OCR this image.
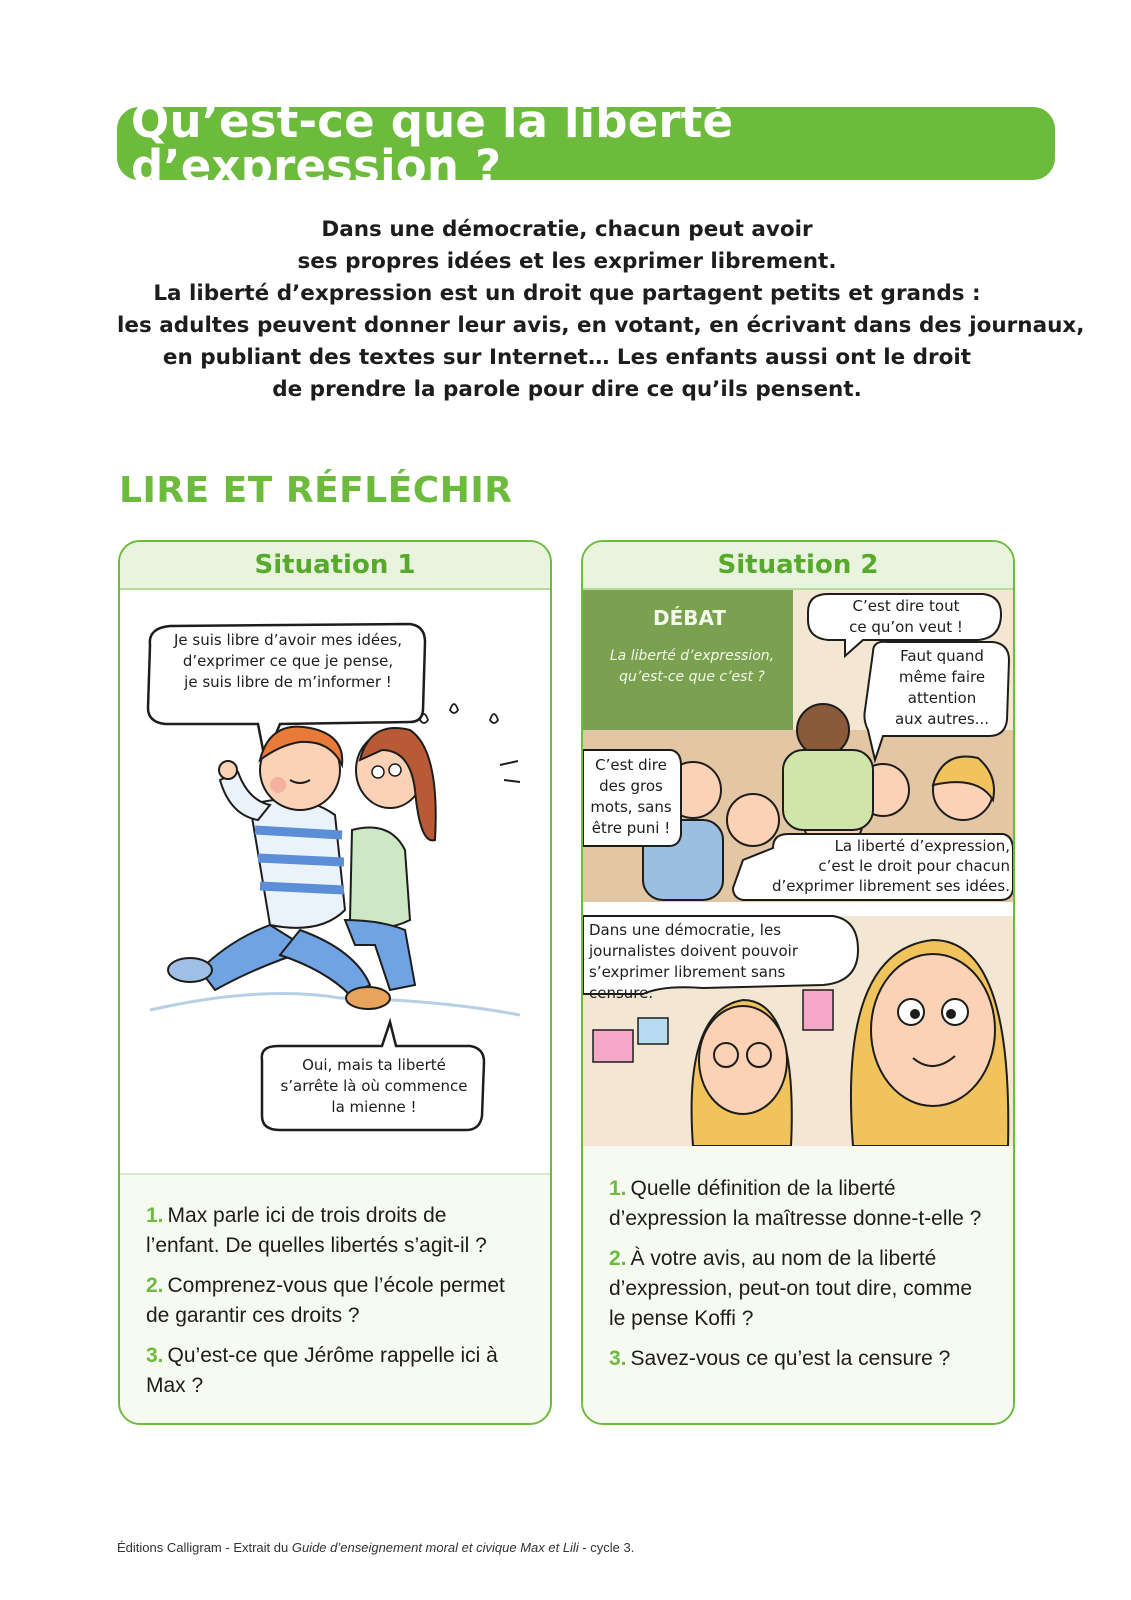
Qu’est-ce que la liberté d’expression ?

Dans une démocratie, chacun peut avoir

ses propres idées et les exprimer librement.

La liberté d’expression est un droit que partagent petits et grands :

les adultes peuvent donner leur avis, en votant, en écrivant dans des journaux,

en publiant des textes sur Internet… Les enfants aussi ont le droit

de prendre la parole pour dire ce qu’ils pensent.

LIRE ET RÉFLÉCHIR
Situation 1
Je suis libre d’avoir mes idées,
d’exprimer ce que je pense,
je suis libre de m’informer !
Oui, mais ta liberté
s’arrête là où commence
la mienne !

1. Max parle ici de trois droits de l’enfant. De quelles libertés s’agit-il ?

2. Comprenez-vous que l’école permet de garantir ces droits ?

3. Qu’est-ce que Jérôme rappelle ici à Max ?

Situation 2
DÉBAT
La liberté d’expression,
qu’est-ce que c’est ?
C’est dire tout
ce qu’on veut !
Faut quand
même faire
attention
aux autres...
C’est dire
des gros
mots, sans
être puni !
La liberté d’expression,
c’est le droit pour chacun
d’exprimer librement ses idées.
Dans une démocratie, les
journalistes doivent pouvoir
s’exprimer librement sans
censure.

1. Quelle définition de la liberté d’expression la maîtresse donne-t-elle ?

2. À votre avis, au nom de la liberté d’expression, peut-on tout dire, comme le pense Koffi ?

3. Savez-vous ce qu’est la censure ?

Éditions Calligram - Extrait du Guide d’enseignement moral et civique Max et Lili - cycle 3.
